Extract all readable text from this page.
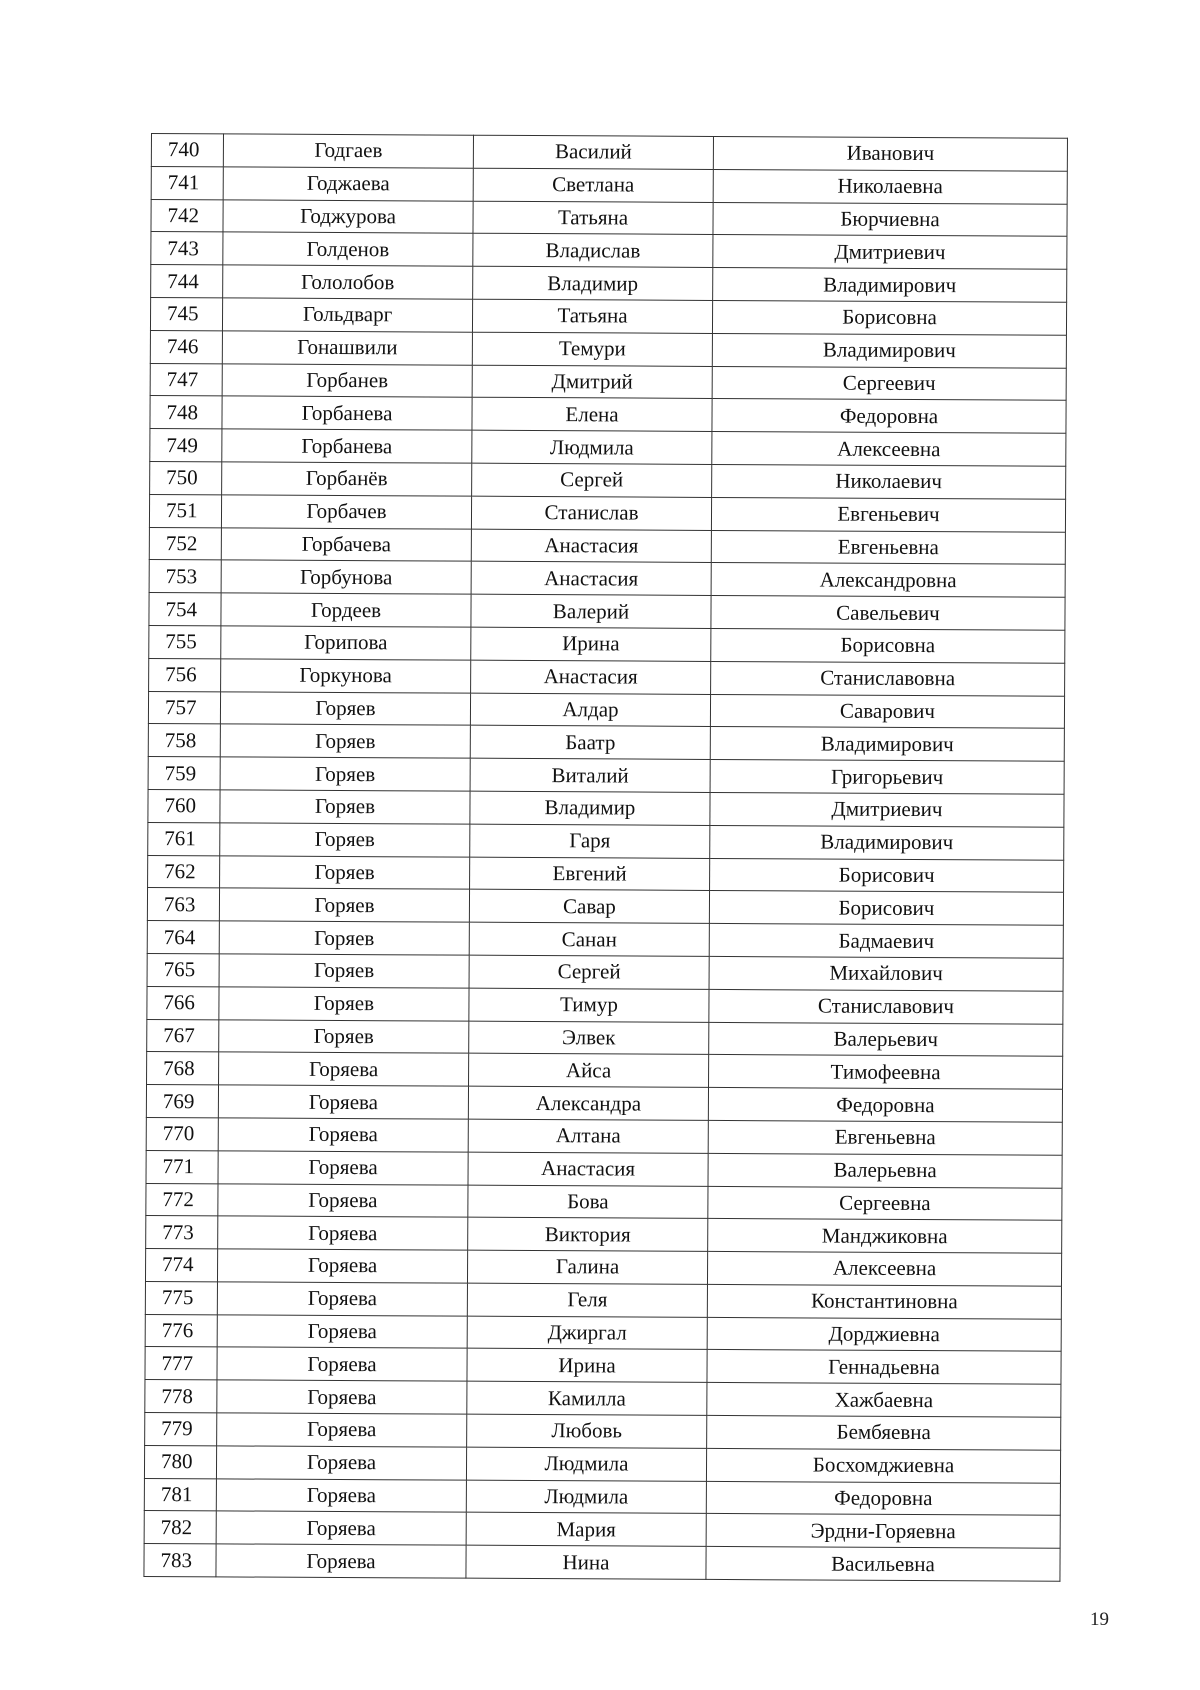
740	Годгаев	Василий	Иванович
741	Годжаева	Светлана	Николаевна
742	Годжурова	Татьяна	Бюрчиевна
743	Голденов	Владислав	Дмитриевич
744	Гололобов	Владимир	Владимирович
745	Гольдварг	Татьяна	Борисовна
746	Гонашвили	Темури	Владимирович
747	Горбанев	Дмитрий	Сергеевич
748	Горбанева	Елена	Федоровна
749	Горбанева	Людмила	Алексеевна
750	Горбанёв	Сергей	Николаевич
751	Горбачев	Станислав	Евгеньевич
752	Горбачева	Анастасия	Евгеньевна
753	Горбунова	Анастасия	Александровна
754	Гордеев	Валерий	Савельевич
755	Горипова	Ирина	Борисовна
756	Горкунова	Анастасия	Станиславовна
757	Горяев	Алдар	Саварович
758	Горяев	Баатр	Владимирович
759	Горяев	Виталий	Григорьевич
760	Горяев	Владимир	Дмитриевич
761	Горяев	Гаря	Владимирович
762	Горяев	Евгений	Борисович
763	Горяев	Савар	Борисович
764	Горяев	Санан	Бадмаевич
765	Горяев	Сергей	Михайлович
766	Горяев	Тимур	Станиславович
767	Горяев	Элвек	Валерьевич
768	Горяева	Айса	Тимофеевна
769	Горяева	Александра	Федоровна
770	Горяева	Алтана	Евгеньевна
771	Горяева	Анастасия	Валерьевна
772	Горяева	Бова	Сергеевна
773	Горяева	Виктория	Манджиковна
774	Горяева	Галина	Алексеевна
775	Горяева	Геля	Константиновна
776	Горяева	Джиргал	Дорджиевна
777	Горяева	Ирина	Геннадьевна
778	Горяева	Камилла	Хажбаевна
779	Горяева	Любовь	Бембяевна
780	Горяева	Людмила	Босхомджиевна
781	Горяева	Людмила	Федоровна
782	Горяева	Мария	Эрдни-Горяевна
783	Горяева	Нина	Васильевна
19
